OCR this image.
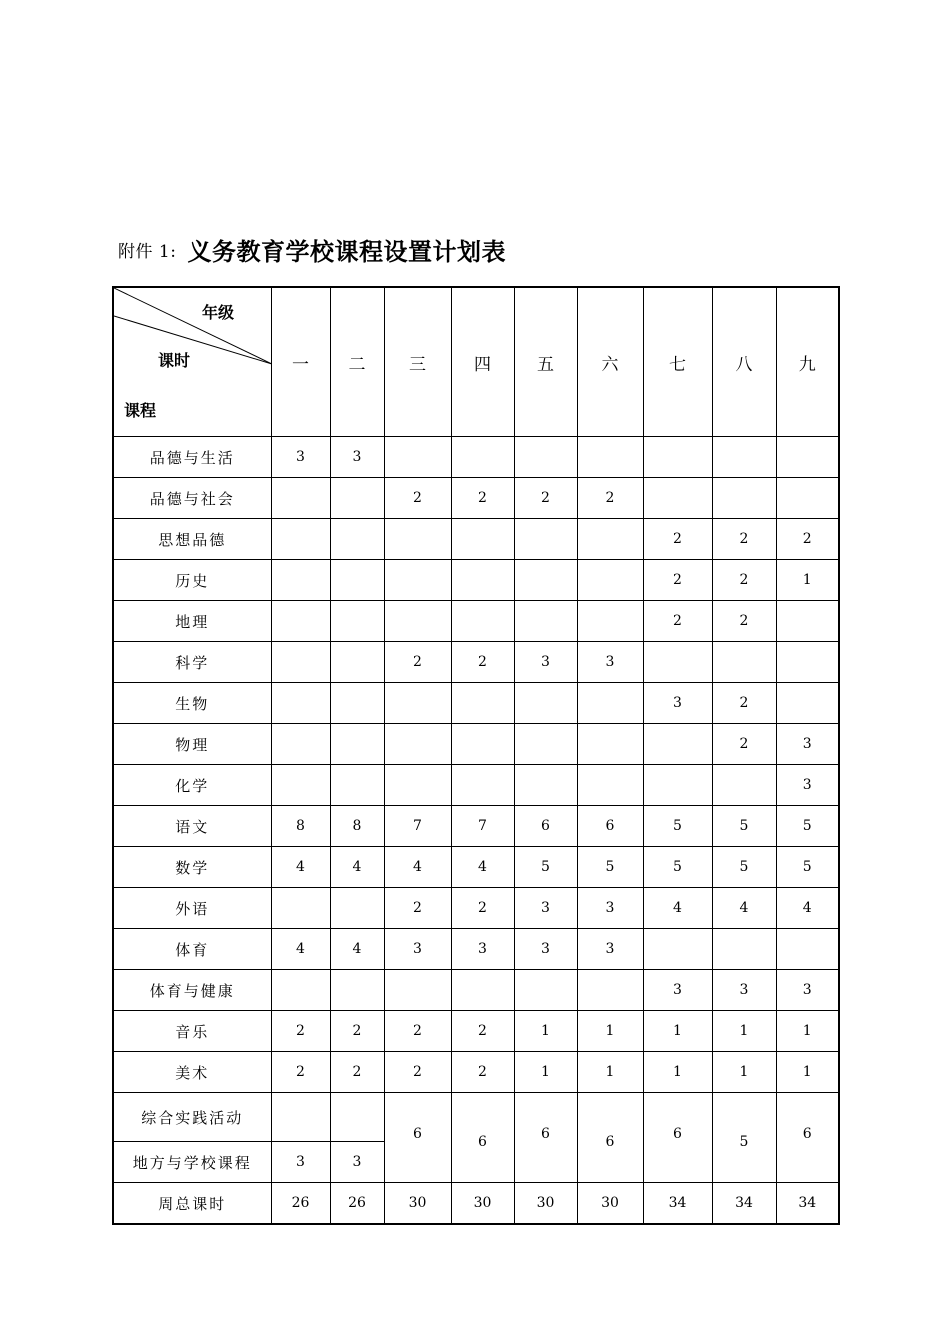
附件 1: 义务教育学校课程设置计划表
年级
课时
课程	一	二	三	四	五	六	七	八	九
品德与生活	3	3							
品德与社会			2	2	2	2			
思想品德							2	2	2
历史							2	2	1
地理							2	2	
科学			2	2	3	3			
生物							3	2	
物理								2	3
化学									3
语文	8	8	7	7	6	6	5	5	5
数学	4	4	4	4	5	5	5	5	5
外语			2	2	3	3	4	4	4
体育	4	4	3	3	3	3			
体育与健康							3	3	3
音乐	2	2	2	2	1	1	1	1	1
美术	2	2	2	2	1	1	1	1	1
综合实践活动			6	6	6	6	6	5	6
地方与学校课程	3	3							
周总课时	26	26	30	30	30	30	34	34	34
